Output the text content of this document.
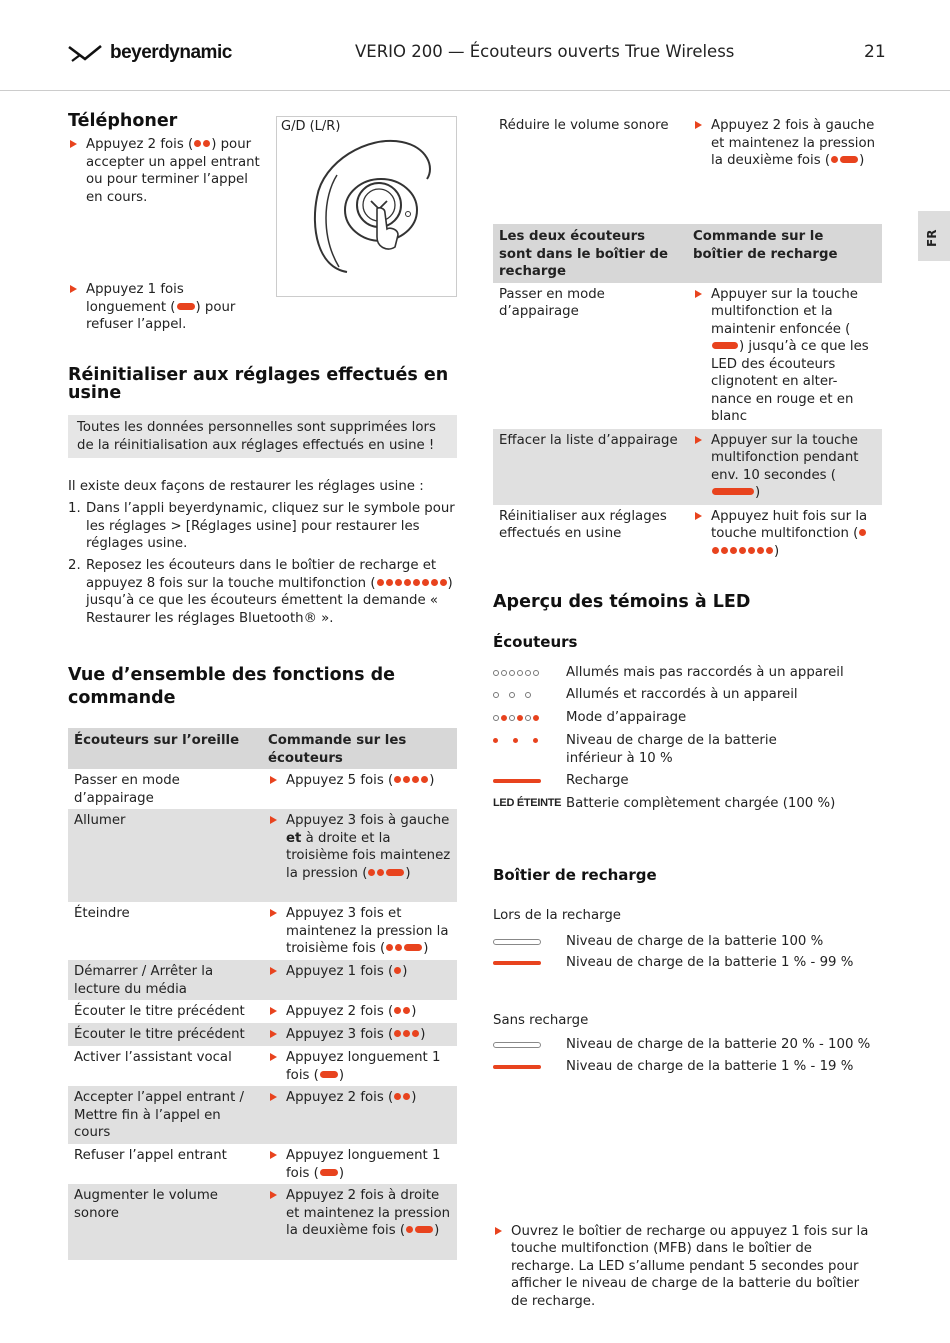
beyerdynamic	VERIO 200 — Écouteurs ouverts True Wireless	21
FR
Téléphoner
Appuyez 2 fois ( ) pour accepter un appel entrant ou pour terminer l’appel en cours.
Appuyez 1 fois longuement ( ) pour refuser l’appel.
G/D (L/R)
Réinitialiser aux réglages effectués en usine
Toutes les données personnelles sont supprimées lors de la réinitialisation aux réglages effectués en usine !
Il existe deux façons de restaurer les réglages usine :
1. Dans l’appli beyerdynamic, cliquez sur le symbole pour les réglages > [Réglages usine] pour restaurer les réglages usine.
2. Reposez les écouteurs dans le boîtier de recharge et appuyez 8 fois sur la touche multifonction (	) jusqu’à ce que les écouteurs émettent la demande « Restaurer les réglages Bluetooth® ».
Vue d’ensemble des fonctions de commande
Écouteurs sur l’oreille	Commande sur les écouteurs
Passer en mode d’appairage	Appuyez 5 fois ( )

Allumer	Appuyez 3 fois à gauche et à droite et la troisième fois maintenez la pression ( )

Éteindre	Appuyez 3 fois et maintenez la pression la troisième fois ( )

Démarrer / Arrêter la lecture du média	Appuyez 1 fois ( )

Écouter le titre précédent	Appuyez 2 fois ( )

Écouter le titre précédent	Appuyez 3 fois ( )

Activer l’assistant vocal	Appuyez longuement 1 fois ( )

Accepter l’appel entrant / Mettre fin à l’appel en cours	Appuyez 2 fois ( )

Refuser l’appel entrant	Appuyez longuement 1 fois ( )

Augmenter le volume sonore	Appuyez 2 fois à droite et maintenez la pression la deuxième fois ( )
Réduire le volume sonore	Appuyez 2 fois à gauche et maintenez la pression la deuxième fois ( )

Les deux écouteurs sont dans le boîtier de recharge	Commande sur le boîtier de recharge
Passer en mode d’appairage	Appuyer sur la touche multifonction et la maintenir enfoncée () jusqu’à ce que les LED des écouteurs clignotent en alter-nance en rouge et en blanc

Effacer la liste d’appairage	Appuyer sur la touche multifonction pendant env. 10 secondes ()

Réinitialiser aux réglages effectués en usine	Appuyez huit fois sur la touche multifonction ()
Aperçu des témoins à LED
Écouteurs
Allumés mais pas raccordés à un appareil
Allumés et raccordés à un appareil
Mode d’appairage
Niveau de charge de la batterie inférieur à 10 %
Recharge
LED ÉTEINTE Batterie complètement chargée (100 %)
Boîtier de recharge
Lors de la recharge
Niveau de charge de la batterie 100 %
Niveau de charge de la batterie 1 % - 99 %
Sans recharge
Niveau de charge de la batterie 20 % - 100 %
Niveau de charge de la batterie 1 % - 19 %
Ouvrez le boîtier de recharge ou appuyez 1 fois sur la touche multifonction (MFB) dans le boîtier de recharge. La LED s’allume pendant 5 secondes pour afficher le niveau de charge de la batterie du boîtier de recharge.
